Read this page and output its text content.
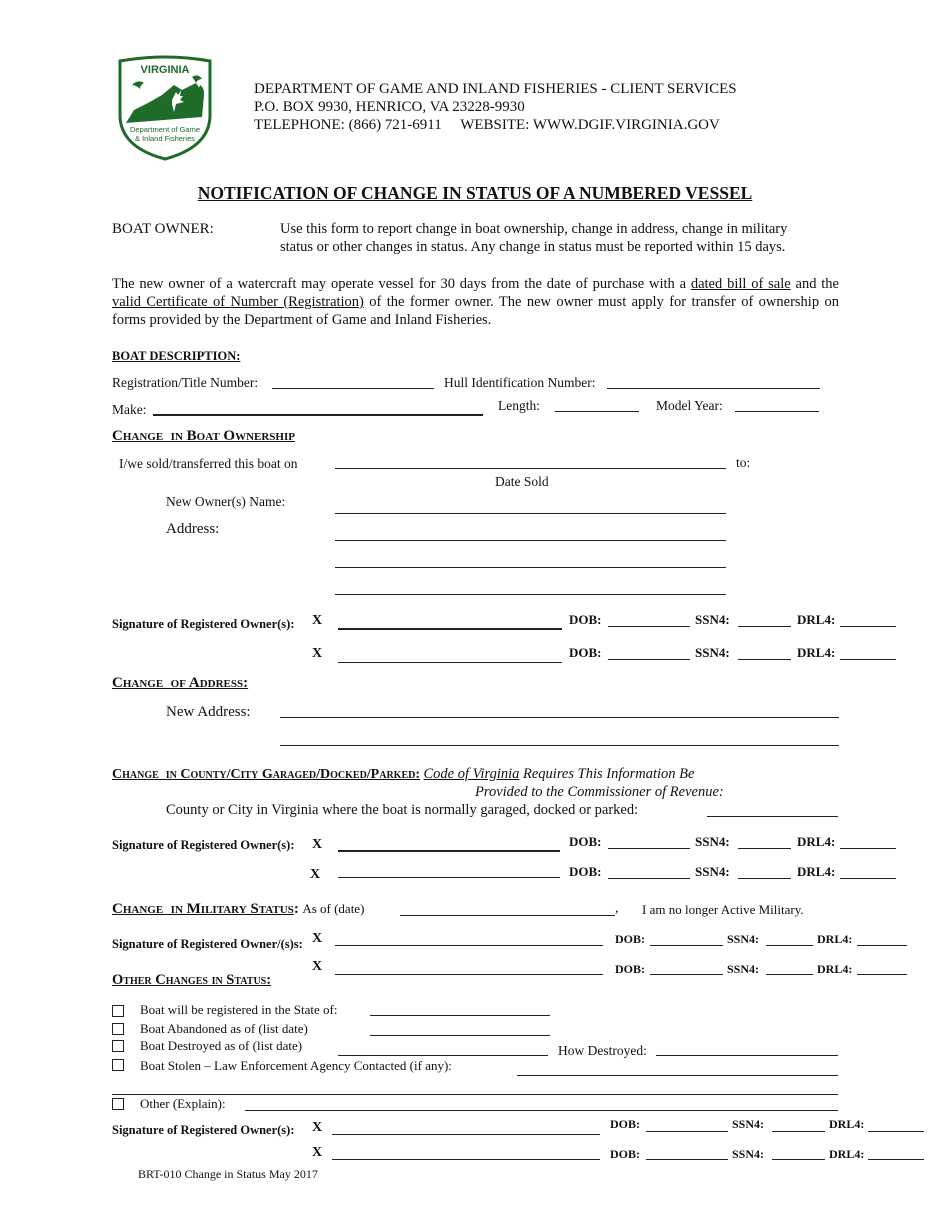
VIRGINIA
Department of Game
& Inland Fisheries
DEPARTMENT OF GAME AND INLAND FISHERIES - CLIENT SERVICES
P.O. BOX 9930, HENRICO, VA 23228-9930
TELEPHONE: (866) 721-6911     WEBSITE: WWW.DGIF.VIRGINIA.GOV
NOTIFICATION OF CHANGE IN STATUS OF A NUMBERED VESSEL
BOAT OWNER:	Use this form to report change in boat ownership, change in address, change in military
status or other changes in status. Any change in status must be reported within 15 days.

The new owner of a watercraft may operate vessel for 30 days from the date of purchase with a dated bill of sale and the valid Certificate of Number (Registration) of the former owner. The new owner must apply for transfer of ownership on forms provided by the Department of Game and Inland Fisheries.

BOAT DESCRIPTION:
Registration/Title Number:	Hull Identification Number:
Make:	Length:	Model Year:
Change  in Boat Ownership
I/we sold/transferred this boat on	to:
Date Sold
New Owner(s) Name:
Address:
Signature of Registered Owner(s): X	DOB:	SSN4:	DRL4:
X	DOB:	SSN4:	DRL4:
Change  of Address:
New Address:
Change  in County/City Garaged/Docked/Parked: Code of Virginia Requires This Information Be
Provided to the Commissioner of Revenue:
County or City in Virginia where the boat is normally garaged, docked or parked:
Signature of Registered Owner(s): X	DOB:	SSN4:	DRL4:
X	DOB:	SSN4:	DRL4:
Change  in Military Status: As of (date)	, I am no longer Active Military.
Signature of Registered Owner/(s)s: X	DOB:	SSN4:	DRL4:
X	DOB:	SSN4:	DRL4:
Other Changes in Status:
Boat will be registered in the State of:
Boat Abandoned as of (list date)
Boat Destroyed as of (list date)	How Destroyed:
Boat Stolen – Law Enforcement Agency Contacted (if any):
Other (Explain):
Signature of Registered Owner(s): X	DOB:	SSN4:	DRL4:
X	DOB:	SSN4:	DRL4:
BRT-010 Change in Status May 2017
